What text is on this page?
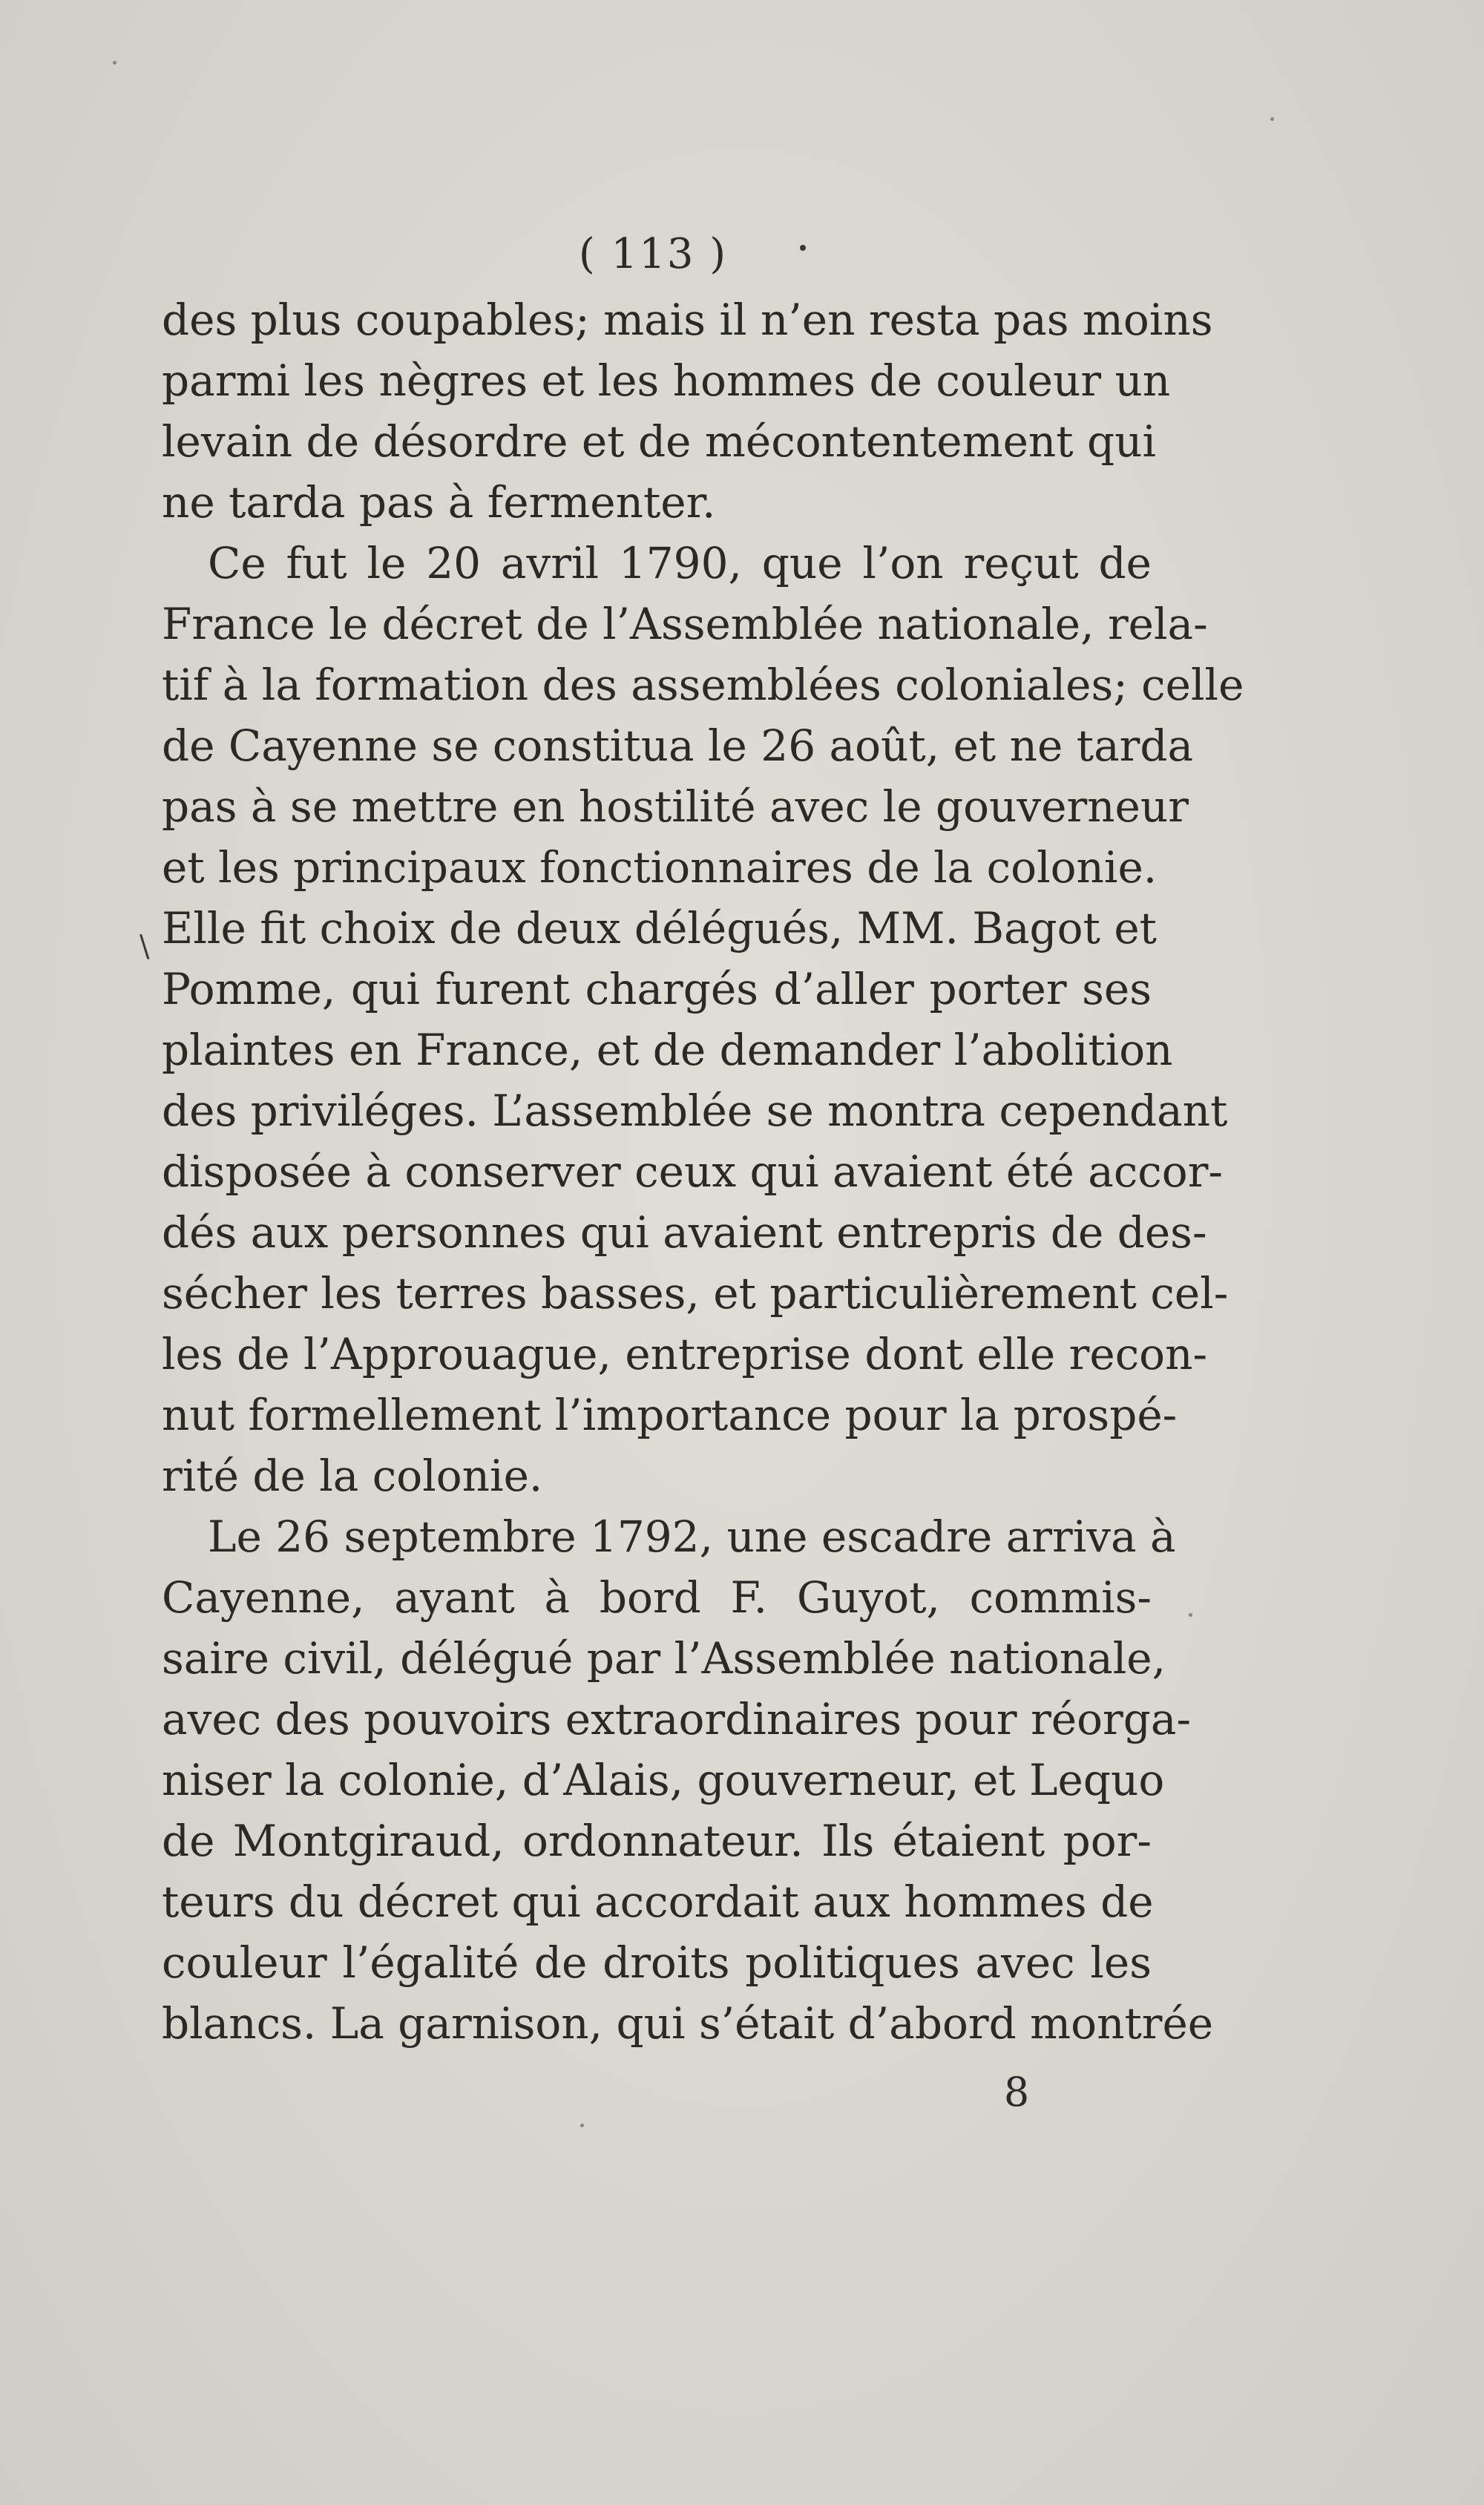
( 113 )
\
des plus coupables; mais il n’en resta pas moins
parmi les nègres et les hommes de couleur un
levain de désordre et de mécontentement qui
ne tarda pas à fermenter.
Ce fut le 20 avril 1790, que l’on reçut de
France le décret de l’Assemblée nationale, rela-
tif à la formation des assemblées coloniales; celle
de Cayenne se constitua le 26 août, et ne tarda
pas à se mettre en hostilité avec le gouverneur
et les principaux fonctionnaires de la colonie.
Elle fit choix de deux délégués, MM. Bagot et
Pomme, qui furent chargés d’aller porter ses
plaintes en France, et de demander l’abolition
des priviléges. L’assemblée se montra cependant
disposée à conserver ceux qui avaient été accor-
dés aux personnes qui avaient entrepris de des-
sécher les terres basses, et particulièrement cel-
les de l’Approuague, entreprise dont elle recon-
nut formellement l’importance pour la prospé-
rité de la colonie.
Le 26 septembre 1792, une escadre arriva à
Cayenne, ayant à bord F. Guyot, commis-
saire civil, délégué par l’Assemblée nationale,
avec des pouvoirs extraordinaires pour réorga-
niser la colonie, d’Alais, gouverneur, et Lequo
de Montgiraud, ordonnateur. Ils étaient por-
teurs du décret qui accordait aux hommes de
couleur l’égalité de droits politiques avec les
blancs. La garnison, qui s’était d’abord montrée
8
